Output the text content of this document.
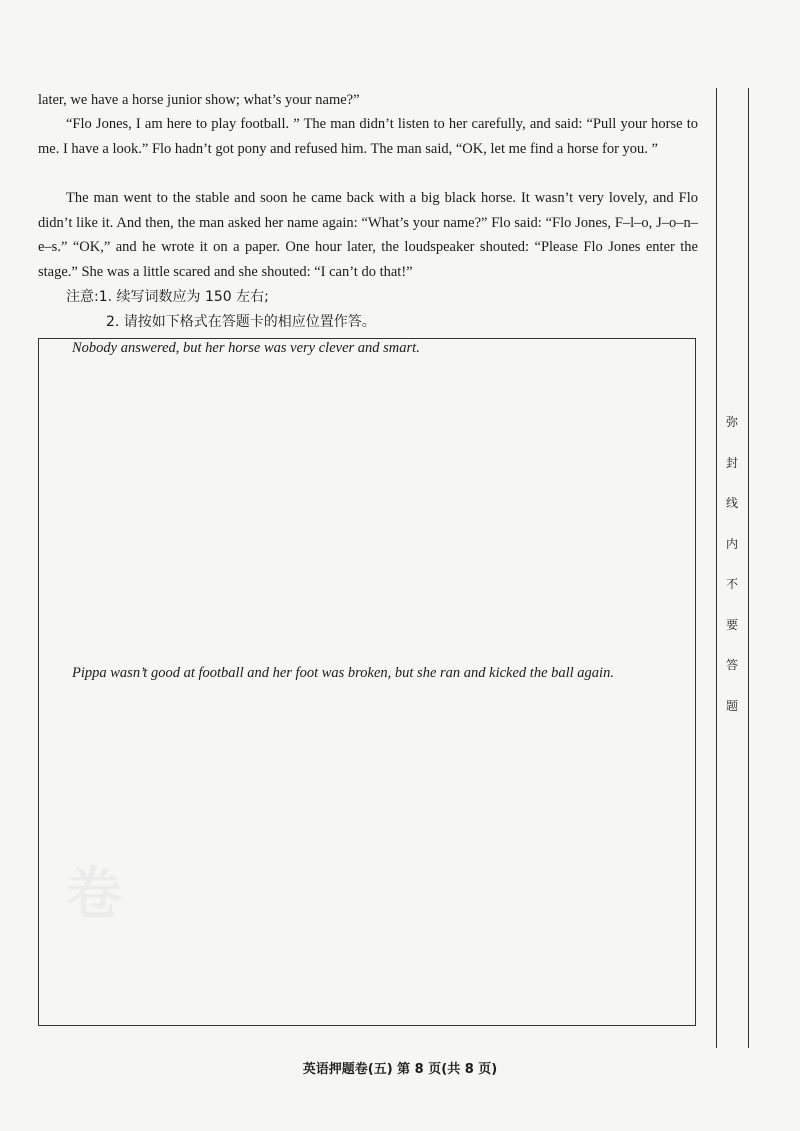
later, we have a horse junior show; what’s your name?”
“Flo Jones, I am here to play football. ” The man didn’t listen to her carefully, and said: “Pull your horse to me. I have a look.” Flo hadn’t got pony and refused him. The man said, “OK, let me find a horse for you. ”
The man went to the stable and soon he came back with a big black horse. It wasn’t very lovely, and Flo didn’t like it. And then, the man asked her name again: “What’s your name?” Flo said: “Flo Jones, F–l–o, J–o–n–e–s.” “OK,” and he wrote it on a paper. One hour later, the loudspeaker shouted: “Please Flo Jones enter the stage.” She was a little scared and she shouted: “I can’t do that!”
注意:1. 续写词数应为 150 左右;
2. 请按如下格式在答题卡的相应位置作答。
Nobody answered, but her horse was very clever and smart.
Pippa wasn’t good at football and her foot was broken, but she ran and kicked the ball again.
卷
弥
封
线
内
不
要
答
题
英语押题卷(五) 第 8 页(共 8 页)
